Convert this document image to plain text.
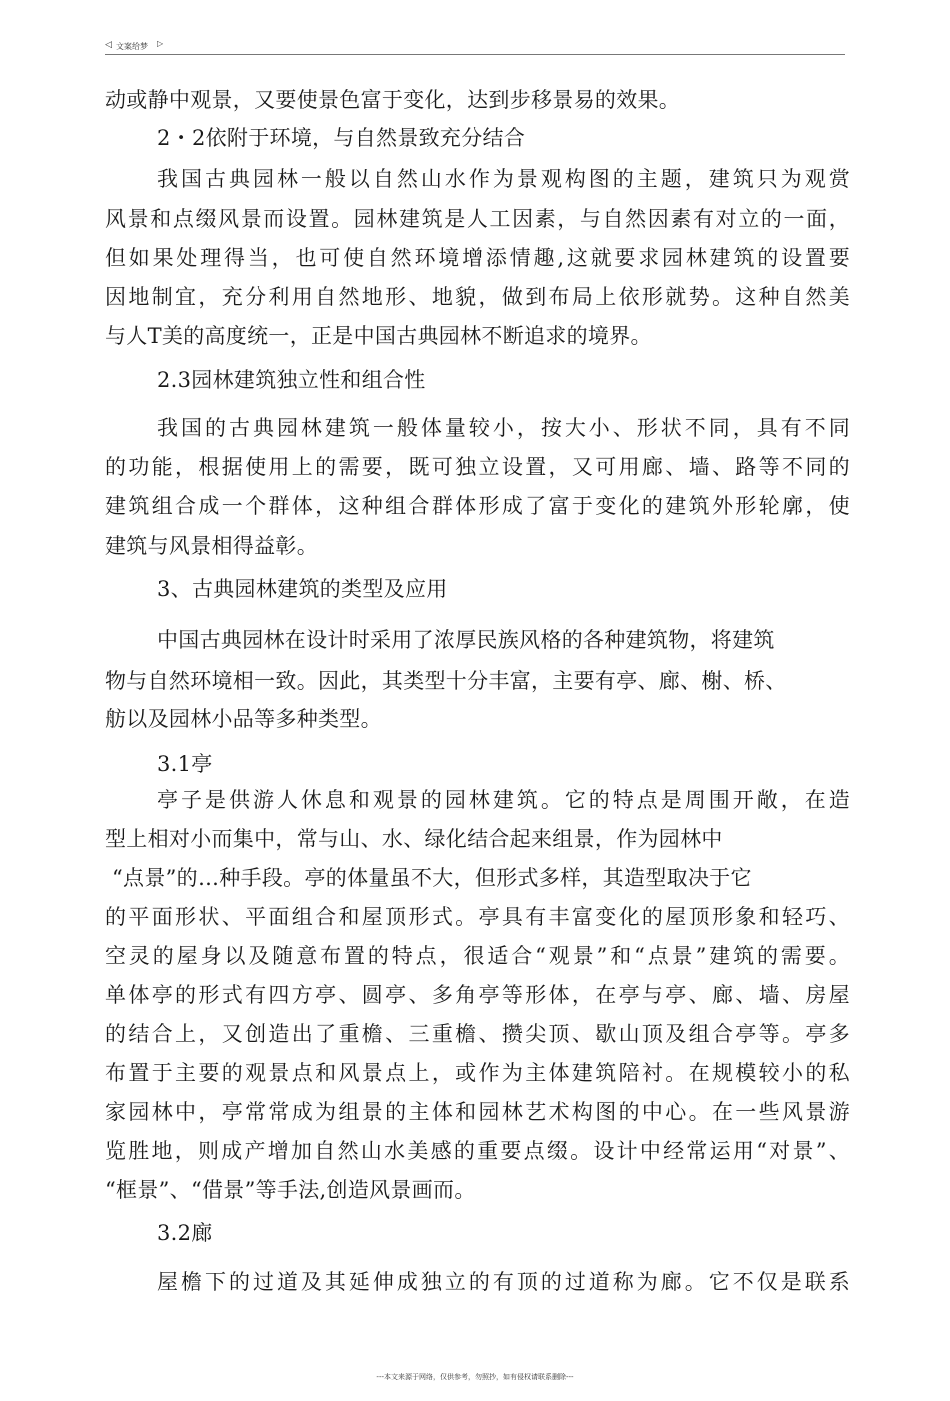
◁ 文案给梦 ▷
动或静中观景，又要使景色富于变化，达到步移景易的效果。
2・2依附于环境，与自然景致充分结合
我国古典园林一般以自然山水作为景观构图的主题，建筑只为观赏
风景和点缀风景而设置。园林建筑是人工因素，与自然因素有对立的一面，
但如果处理得当，也可使自然环境增添情趣,这就要求园林建筑的设置要
因地制宜，充分利用自然地形、地貌，做到布局上依形就势。这种自然美
与人T美的高度统一，正是中国古典园林不断追求的境界。
2.3园林建筑独立性和组合性
我国的古典园林建筑一般体量较小，按大小、形状不同，具有不同
的功能，根据使用上的需要，既可独立设置，又可用廊、墙、路等不同的
建筑组合成一个群体，这种组合群体形成了富于变化的建筑外形轮廓，使
建筑与风景相得益彰。
3、古典园林建筑的类型及应用
中国古典园林在设计时采用了浓厚民族风格的各种建筑物，将建筑
物与自然环境相一致。因此，其类型十分丰富，主要有亭、廊、榭、桥、
舫以及园林小品等多种类型。
3.1亭
亭子是供游人休息和观景的园林建筑。它的特点是周围开敞，在造
型上相对小而集中，常与山、水、绿化结合起来组景，作为园林中
“点景”的…种手段。亭的体量虽不大，但形式多样，其造型取决于它
的平面形状、平面组合和屋顶形式。亭具有丰富变化的屋顶形象和轻巧、
空灵的屋身以及随意布置的特点，很适合“观景”和“点景”建筑的需要。
单体亭的形式有四方亭、圆亭、多角亭等形体，在亭与亭、廊、墙、房屋
的结合上，又创造出了重檐、三重檐、攒尖顶、歇山顶及组合亭等。亭多
布置于主要的观景点和风景点上，或作为主体建筑陪衬。在规模较小的私
家园林中，亭常常成为组景的主体和园林艺术构图的中心。在一些风景游
览胜地，则成产增加自然山水美感的重要点缀。设计中经常运用“对景”、
“框景”、“借景”等手法,创造风景画而。
3.2廊
屋檐下的过道及其延伸成独立的有顶的过道称为廊。它不仅是联系
---本文来源于网络，仅供参考，勿照抄，如有侵权请联系删除---
